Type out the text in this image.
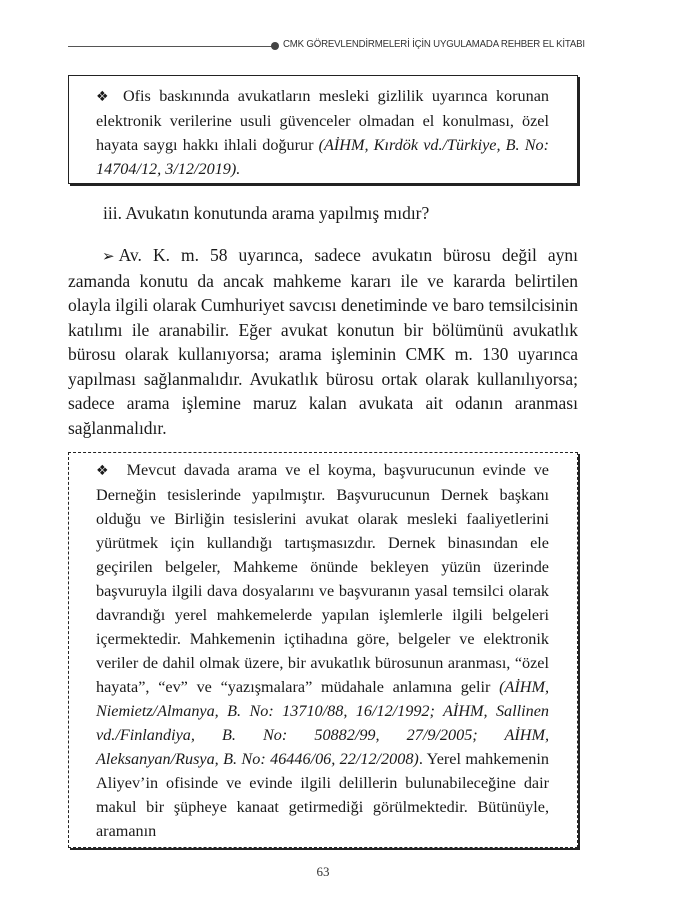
CMK GÖREVLENDİRMELERİ İÇİN UYGULAMADA REHBER EL KİTABI
❖ Ofis baskınında avukatların mesleki gizlilik uyarınca korunan elektronik verilerine usuli güvenceler olmadan el konulması, özel hayata saygı hakkı ihlali doğurur (AİHM, Kırdök vd./Türkiye, B. No: 14704/12, 3/12/2019).
iii. Avukatın konutunda arama yapılmış mıdır?
➢ Av. K. m. 58 uyarınca, sadece avukatın bürosu değil aynı zamanda konutu da ancak mahkeme kararı ile ve kararda belirtilen olayla ilgili olarak Cumhuriyet savcısı denetiminde ve baro temsilcisinin katılımı ile aranabilir. Eğer avukat konutun bir bölümünü avukatlık bürosu olarak kullanıyorsa; arama işleminin CMK m. 130 uyarınca yapılması sağlanmalıdır. Avukatlık bürosu ortak olarak kullanılıyorsa; sadece arama işlemine maruz kalan avukata ait odanın aranması sağlanmalıdır.
❖ Mevcut davada arama ve el koyma, başvurucunun evinde ve Derneğin tesislerinde yapılmıştır. Başvurucunun Dernek başkanı olduğu ve Birliğin tesislerini avukat olarak mesleki faaliyetlerini yürütmek için kullandığı tartışmasızdır. Dernek binasından ele geçirilen belgeler, Mahkeme önünde bekleyen yüzün üzerinde başvuruyla ilgili dava dosyalarını ve başvuranın yasal temsilci olarak davrandığı yerel mahkemelerde yapılan işlemlerle ilgili belgeleri içermektedir. Mahkemenin içtihadına göre, belgeler ve elektronik veriler de dahil olmak üzere, bir avukatlık bürosunun aranması, “özel hayata”, “ev” ve “yazışmalara” müdahale anlamına gelir (AİHM, Niemietz/Almanya, B. No: 13710/88, 16/12/1992; AİHM, Sallinen vd./Finlandiya, B. No: 50882/99, 27/9/2005; AİHM, Aleksanyan/Rusya, B. No: 46446/06, 22/12/2008). Yerel mahkemenin Aliyev’in ofisinde ve evinde ilgili delillerin bulunabileceğine dair makul bir şüpheye kanaat getirmediği görülmektedir. Bütünüyle, aramanın
63
